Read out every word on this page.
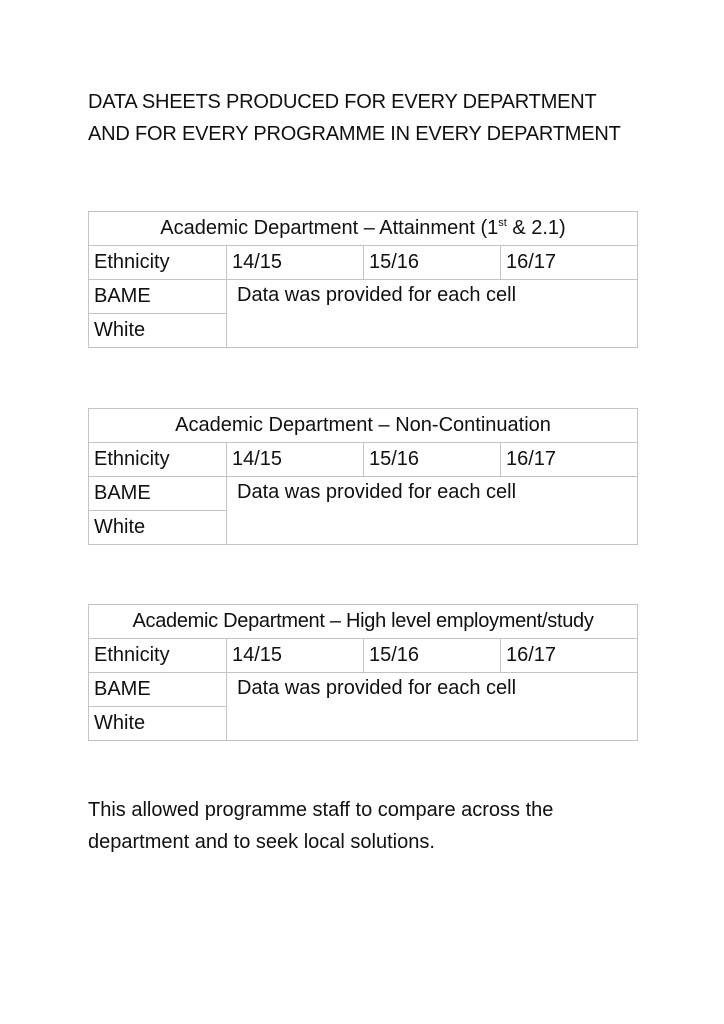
DATA SHEETS PRODUCED FOR EVERY DEPARTMENT
AND FOR EVERY PROGRAMME IN EVERY DEPARTMENT
Academic Department – Attainment (1st & 2.1)			
Ethnicity	14/15	15/16	16/17
BAME	Data was provided for each cell		
White			
Academic Department – Non-Continuation			
Ethnicity	14/15	15/16	16/17
BAME	Data was provided for each cell		
White			
Academic Department – High level employment/study			
Ethnicity	14/15	15/16	16/17
BAME	Data was provided for each cell		
White			

This allowed programme staff to compare across the
department and to seek local solutions.
